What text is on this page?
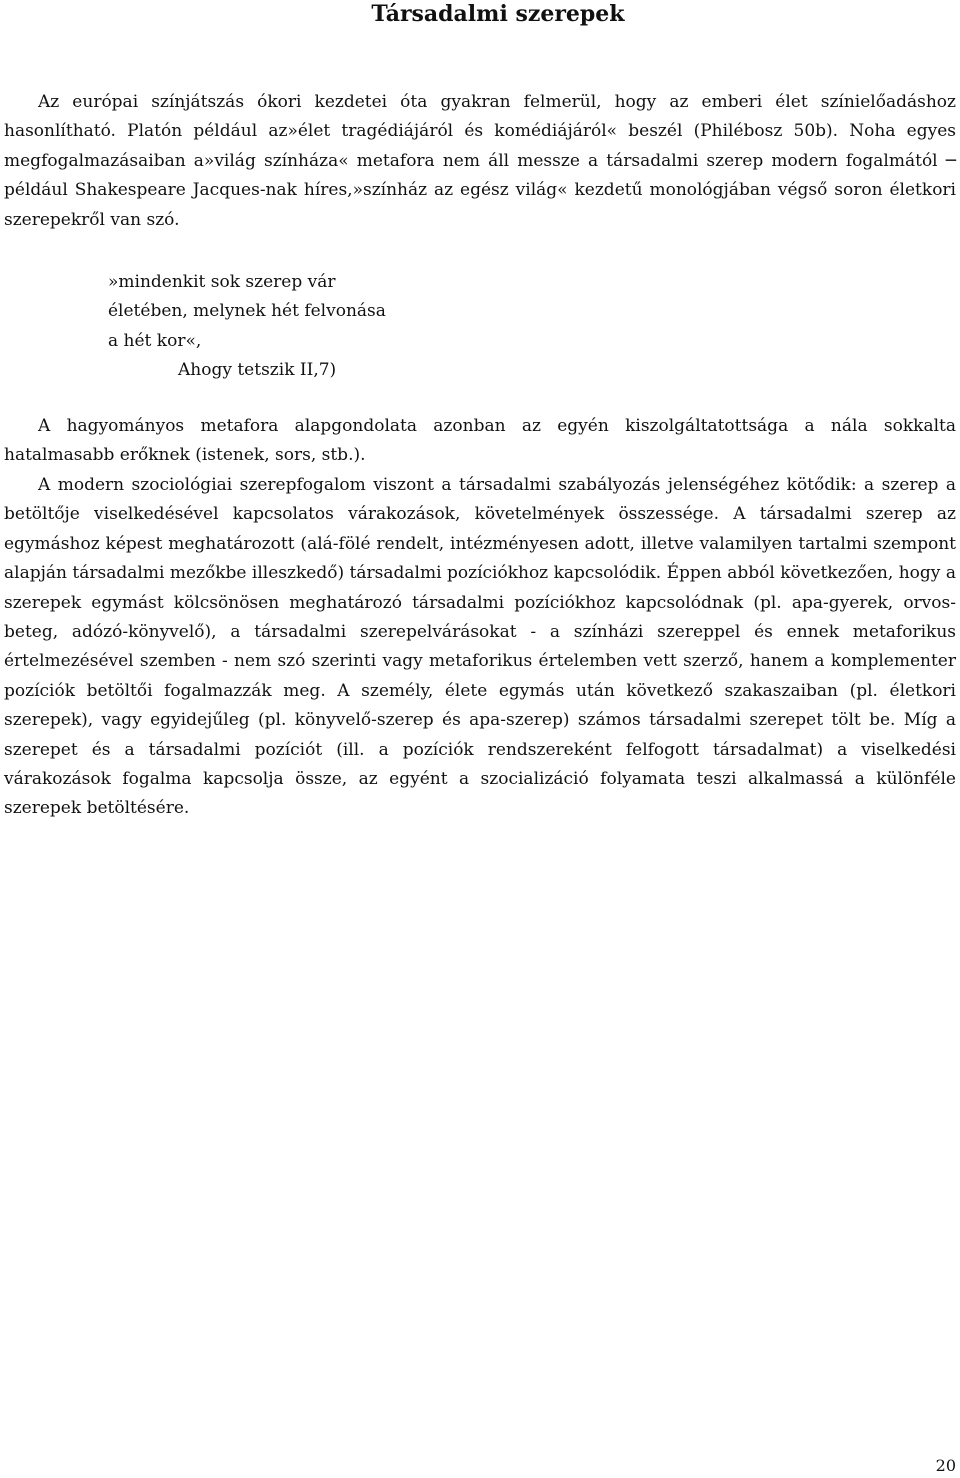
Társadalmi szerepek

Az európai színjátszás ókori kezdetei óta gyakran felmerül, hogy az emberi élet színielőadáshoz hasonlítható. Platón például az»élet tragédiájáról és komédiájáról« beszél (Philébosz 50b). Noha egyes megfogalmazásaiban a»világ színháza« metafora nem áll messze a társadalmi szerep modern fogalmától ─ például Shakespeare Jacques-nak híres,»színház az egész világ« kezdetű monológjában végső soron életkori szerepekről van szó.

»mindenkit sok szerep vár
életében, melynek hét felvonása
a hét kor«,
Ahogy tetszik II,7)

A hagyományos metafora alapgondolata azonban az egyén kiszolgáltatottsága a nála sokkalta hatalmasabb erőknek (istenek, sors, stb.).

A modern szociológiai szerepfogalom viszont a társadalmi szabályozás jelenségéhez kötődik: a szerep a betöltője viselkedésével kapcsolatos várakozások, követelmények összessége. A társadalmi szerep az egymáshoz képest meghatározott (alá-fölé rendelt, intézményesen adott, illetve valamilyen tartalmi szempont alapján társadalmi mezőkbe illeszkedő) társadalmi pozíciókhoz kapcsolódik. Éppen abból következően, hogy a szerepek egymást kölcsönösen meghatározó társadalmi pozíciókhoz kapcsolódnak (pl. apa-gyerek, orvos-beteg, adózó-könyvelő), a társadalmi szerepelvárásokat - a színházi szereppel és ennek metaforikus értelmezésével szemben - nem szó szerinti vagy metaforikus értelemben vett szerző, hanem a komplementer pozíciók betöltői fogalmazzák meg. A személy, élete egymás után következő szakaszaiban (pl. életkori szerepek), vagy egyidejűleg (pl. könyvelő-szerep és apa-szerep) számos társadalmi szerepet tölt be. Míg a szerepet és a társadalmi pozíciót (ill. a pozíciók rendszereként felfogott társadalmat) a viselkedési várakozások fogalma kapcsolja össze, az egyént a szocializáció folyamata teszi alkalmassá a különféle szerepek betöltésére.

20
